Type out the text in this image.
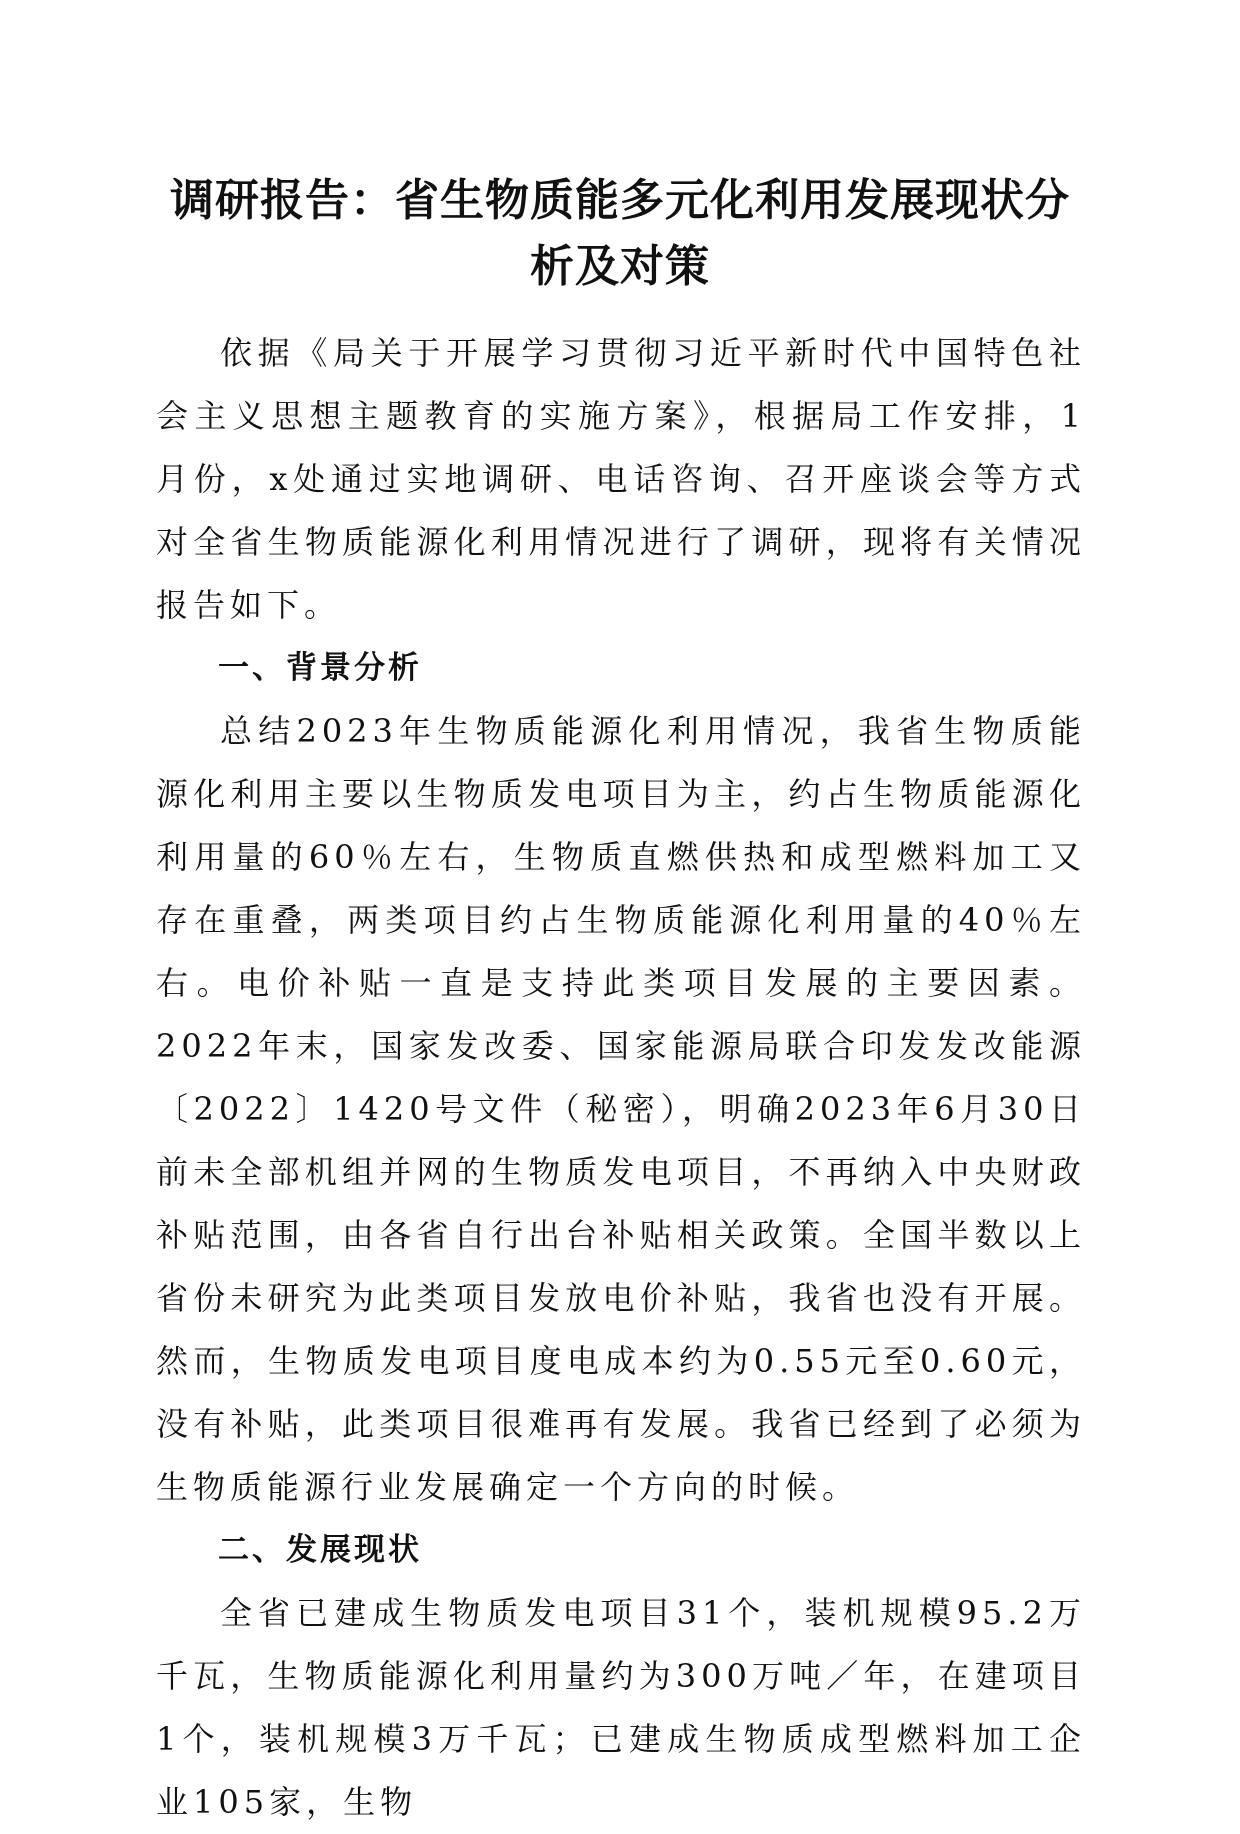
调研报告：省生物质能多元化利用发展现状分析及对策

依据《局关于开展学习贯彻习近平新时代中国特色社会主义思想主题教育的实施方案》，根据局工作安排，1月份，x处通过实地调研、电话咨询、召开座谈会等方式对全省生物质能源化利用情况进行了调研，现将有关情况报告如下。

一、背景分析

总结2023年生物质能源化利用情况，我省生物质能源化利用主要以生物质发电项目为主，约占生物质能源化利用量的60％左右，生物质直燃供热和成型燃料加工又存在重叠，两类项目约占生物质能源化利用量的40％左右。电价补贴一直是支持此类项目发展的主要因素。2022年末，国家发改委、国家能源局联合印发发改能源〔2022〕1420号文件（秘密），明确2023年6月30日前未全部机组并网的生物质发电项目，不再纳入中央财政补贴范围，由各省自行出台补贴相关政策。全国半数以上省份未研究为此类项目发放电价补贴，我省也没有开展。然而，生物质发电项目度电成本约为0.55元至0.60元，没有补贴，此类项目很难再有发展。我省已经到了必须为生物质能源行业发展确定一个方向的时候。

二、发展现状

全省已建成生物质发电项目31个，装机规模95.2万千瓦，生物质能源化利用量约为300万吨／年，在建项目1个，装机规模3万千瓦；已建成生物质成型燃料加工企业105家，生物
